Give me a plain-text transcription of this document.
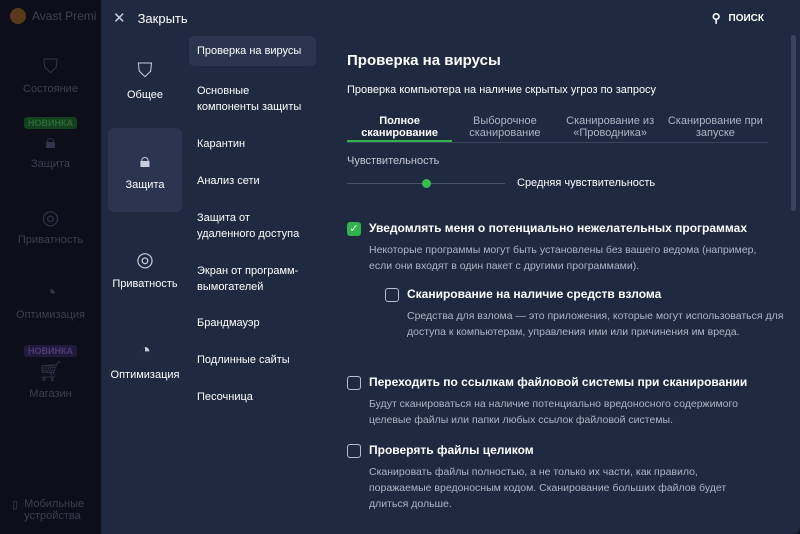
Avast Premi
⛉
Состояние
НОВИНКА
🔒︎
Защита
◎
Приватность
◔
Оптимизация
НОВИНКА
🛒︎
Магазин
▯ Мобильные устройства
✕ Закрыть	⚲ ПОИСК
⛉
Общее
🔒︎
Защита
◎
Приватность
◔
Оптимизация
Проверка на вирусы
Основные компоненты защиты
Карантин
Анализ сети
Защита от удаленного доступа
Экран от программ-вымогателей
Брандмауэр
Подлинные сайты
Песочница
Проверка на вирусы
Проверка компьютера на наличие скрытых угроз по запросу
Полное сканирование
Выборочное сканирование
Сканирование из «Проводника»
Сканирование при запуске
Чувствительность
Средняя чувствительность
✓ Уведомлять меня о потенциально нежелательных программах
Некоторые программы могут быть установлены без вашего ведома (например, если они входят в один пакет с другими программами).
Сканирование на наличие средств взлома
Средства для взлома — это приложения, которые могут использоваться для доступа к компьютерам, управления ими или причинения им вреда.
Переходить по ссылкам файловой системы при сканировании
Будут сканироваться на наличие потенциально вредоносного содержимого целевые файлы или папки любых ссылок файловой системы.
Проверять файлы целиком
Сканировать файлы полностью, а не только их части, как правило, поражаемые вредоносным кодом. Сканирование больших файлов будет длиться дольше.
